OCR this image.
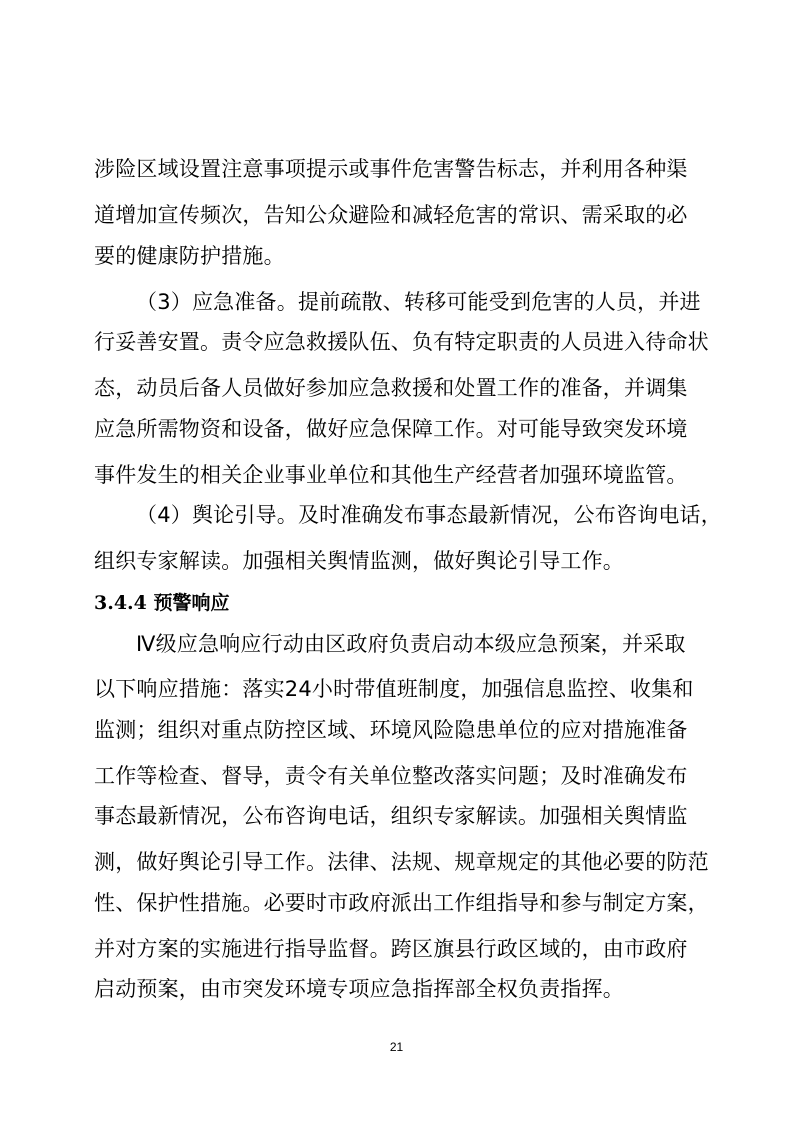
涉险区域设置注意事项提示或事件危害警告标志，并利用各种渠
道增加宣传频次，告知公众避险和减轻危害的常识、需采取的必
要的健康防护措施。
（3）应急准备。提前疏散、转移可能受到危害的人员，并进
行妥善安置。责令应急救援队伍、负有特定职责的人员进入待命状
态，动员后备人员做好参加应急救援和处置工作的准备，并调集
应急所需物资和设备，做好应急保障工作。对可能导致突发环境
事件发生的相关企业事业单位和其他生产经营者加强环境监管。
（4）舆论引导。及时准确发布事态最新情况，公布咨询电话，
组织专家解读。加强相关舆情监测，做好舆论引导工作。
3.4.4 预警响应
Ⅳ级应急响应行动由区政府负责启动本级应急预案，并采取
以下响应措施：落实24小时带值班制度，加强信息监控、收集和
监测；组织对重点防控区域、环境风险隐患单位的应对措施准备
工作等检查、督导，责令有关单位整改落实问题；及时准确发布
事态最新情况，公布咨询电话，组织专家解读。加强相关舆情监
测，做好舆论引导工作。法律、法规、规章规定的其他必要的防范
性、保护性措施。必要时市政府派出工作组指导和参与制定方案，
并对方案的实施进行指导监督。跨区旗县行政区域的，由市政府
启动预案，由市突发环境专项应急指挥部全权负责指挥。
21
